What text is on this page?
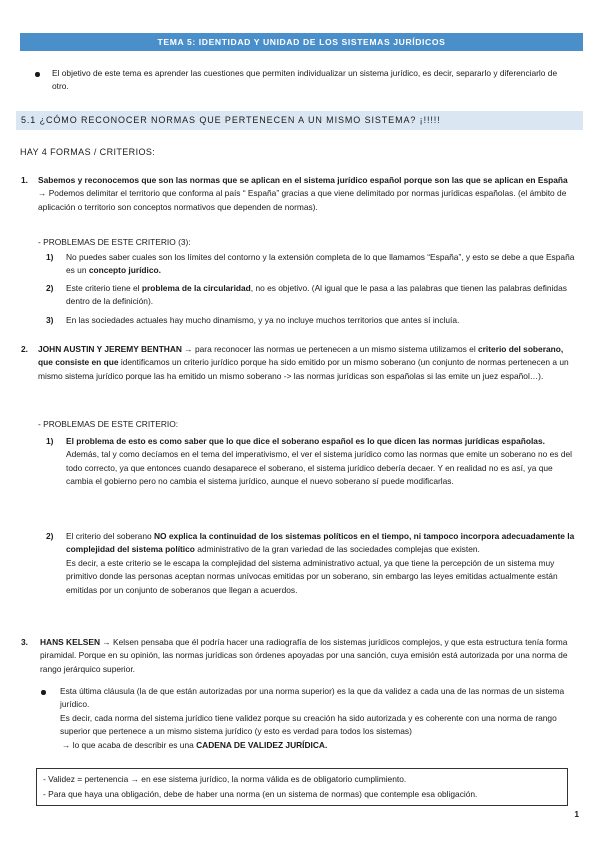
TEMA 5: IDENTIDAD Y UNIDAD DE LOS SISTEMAS JURÍDICOS

El objetivo de este tema es aprender las cuestiones que permiten individualizar un sistema jurídico, es decir, separarlo y diferenciarlo de otro.

5.1 ¿CÓMO RECONOCER NORMAS QUE PERTENECEN A UN MISMO SISTEMA? ¡!!!!!

HAY 4 FORMAS / CRITERIOS:

1. Sabemos y reconocemos que son las normas que se aplican en el sistema jurídico español porque son las que se aplican en España → Podemos delimitar el territorio que conforma al país “ España” gracias a que viene delimitado por normas jurídicas españolas. (el ámbito de aplicación o territorio son conceptos normativos que dependen de normas).

- PROBLEMAS DE ESTE CRITERIO (3):

1) No puedes saber cuales son los límites del contorno y la extensión completa de lo que llamamos “España”, y esto se debe a que España es un concepto jurídico.

2) Este criterio tiene el problema de la circularidad, no es objetivo. (Al igual que le pasa a las palabras que tienen las palabras definidas dentro de la definición).

3) En las sociedades actuales hay mucho dinamismo, y ya no incluye muchos territorios que antes sí incluía.

2. JOHN AUSTIN Y JEREMY BENTHAN → para reconocer las normas ue pertenecen a un mismo sistema utilizamos el criterio del soberano, que consiste en que identificamos un criterio jurídico porque ha sido emitido por un mismo soberano (un conjunto de normas pertenecen a un mismo sistema jurídico porque las ha emitido un mismo soberano -> las normas jurídicas son españolas si las emite un juez español…).

- PROBLEMAS DE ESTE CRITERIO:

1) El problema de esto es como saber que lo que dice el soberano español es lo que dicen las normas jurídicas españolas.
Además, tal y como decíamos en el tema del imperativismo, el ver el sistema jurídico como las normas que emite un soberano no es del todo correcto, ya que entonces cuando desaparece el soberano, el sistema jurídico debería decaer. Y en realidad no es así, ya que cambia el gobierno pero no cambia el sistema jurídico, aunque el nuevo soberano sí puede modificarlas.

2) El criterio del soberano NO explica la continuidad de los sistemas políticos en el tiempo, ni tampoco incorpora adecuadamente la complejidad del sistema político administrativo de la gran variedad de las sociedades complejas que existen.
Es decir, a este criterio se le escapa la complejidad del sistema administrativo actual, ya que tiene la percepción de un sistema muy primitivo donde las personas aceptan normas unívocas emitidas por un soberano, sin embargo las leyes emitidas actualmente están emitidas por un conjunto de soberanos que llegan a acuerdos.

3. HANS KELSEN → Kelsen pensaba que él podría hacer una radiografía de los sistemas jurídicos complejos, y que esta estructura tenía forma piramidal. Porque en su opinión, las normas jurídicas son órdenes apoyadas por una sanción, cuya emisión está autorizada por una norma de rango jerárquico superior.

Esta última cláusula (la de que están autorizadas por una norma superior) es la que da validez a cada una de las normas de un sistema jurídico.
Es decir, cada norma del sistema jurídico tiene validez porque su creación ha sido autorizada y es coherente con una norma de rango superior que pertenece a un mismo sistema jurídico (y esto es verdad para todos los sistemas)
→ lo que acaba de describir es una CADENA DE VALIDEZ JURÍDICA.

- Validez = pertenencia → en ese sistema jurídico, la norma válida es de obligatorio cumplimiento.

- Para que haya una obligación, debe de haber una norma (en un sistema de normas) que contemple esa obligación.

1
